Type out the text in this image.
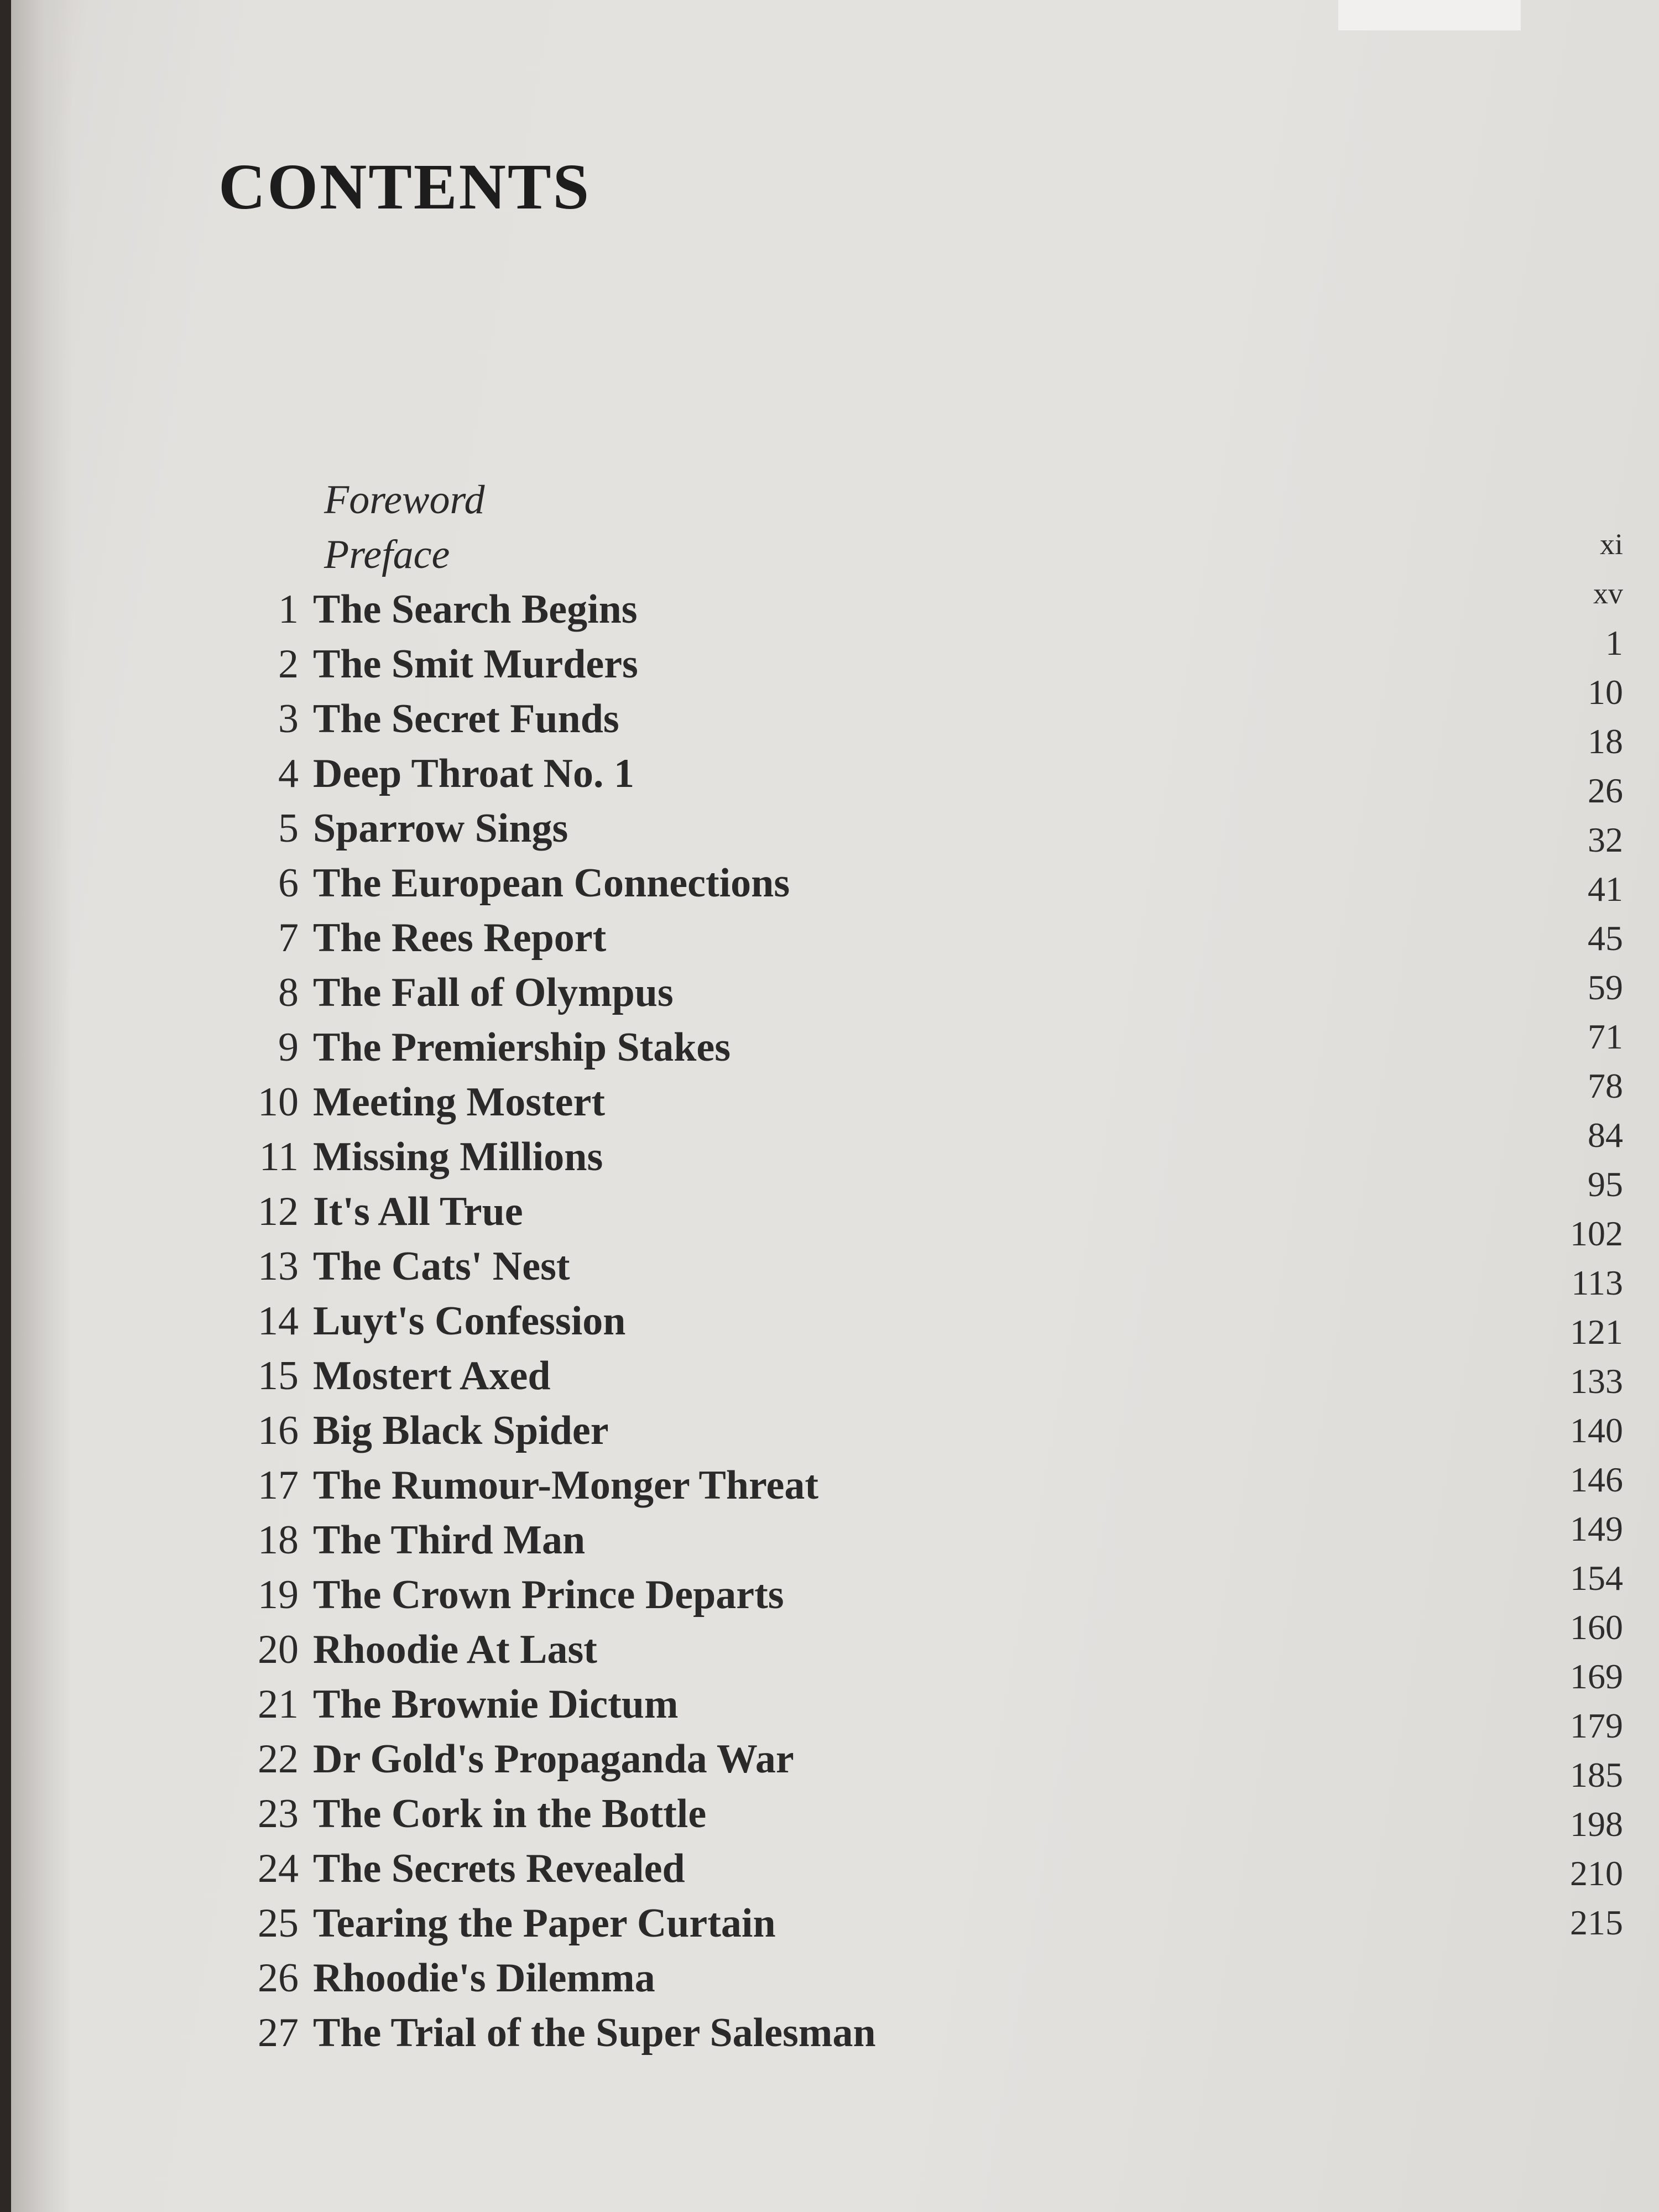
CONTENTS
Foreword
Preface
1 The Search Begins
2 The Smit Murders
3 The Secret Funds
4 Deep Throat No. 1
5 Sparrow Sings
6 The European Connections
7 The Rees Report
8 The Fall of Olympus
9 The Premiership Stakes
10 Meeting Mostert
11 Missing Millions
12 It's All True
13 The Cats' Nest
14 Luyt's Confession
15 Mostert Axed
16 Big Black Spider
17 The Rumour-Monger Threat
18 The Third Man
19 The Crown Prince Departs
20 Rhoodie At Last
21 The Brownie Dictum
22 Dr Gold's Propaganda War
23 The Cork in the Bottle
24 The Secrets Revealed
25 Tearing the Paper Curtain
26 Rhoodie's Dilemma
27 The Trial of the Super Salesman
xi
xv
1
10
18
26
32
41
45
59
71
78
84
95
102
113
121
133
140
146
149
154
160
169
179
185
198
210
215
